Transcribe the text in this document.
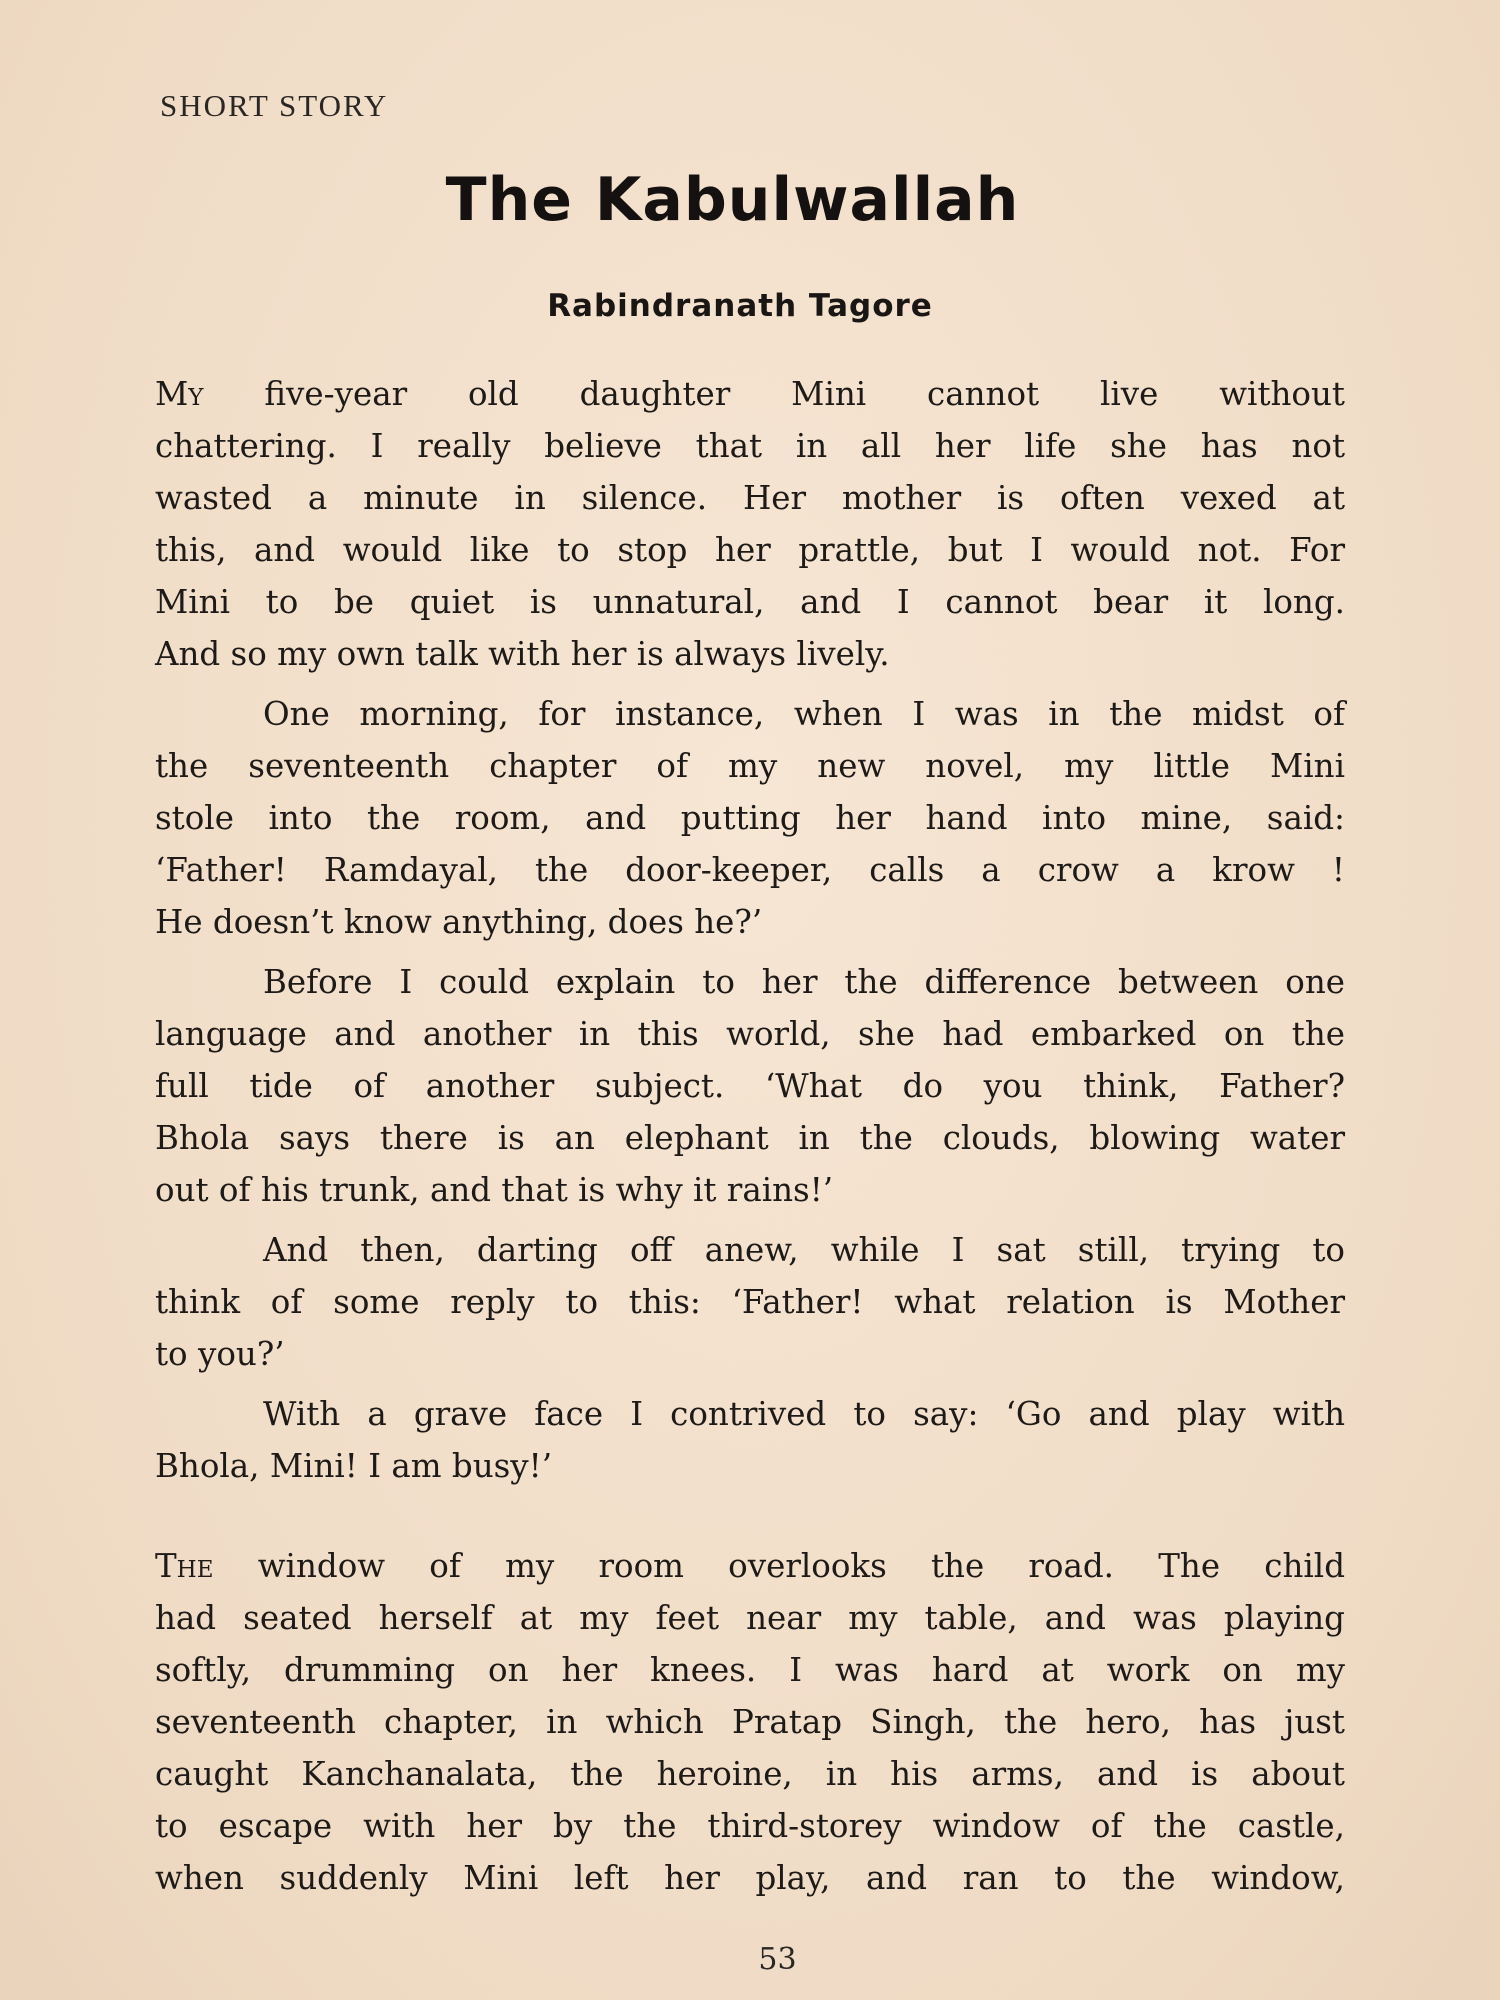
SHORT STORY
The Kabulwallah
Rabindranath Tagore

My five-year old daughter Mini cannot live without
chattering. I really believe that in all her life she has not
wasted a minute in silence. Her mother is often vexed at
this, and would like to stop her prattle, but I would not. For
Mini to be quiet is unnatural, and I cannot bear it long.
And so my own talk with her is always lively.

One morning, for instance, when I was in the midst of
the seventeenth chapter of my new novel, my little Mini
stole into the room, and putting her hand into mine, said:
‘Father! Ramdayal, the door-keeper, calls a crow a krow !
He doesn’t know anything, does he?’

Before I could explain to her the difference between one
language and another in this world, she had embarked on the
full tide of another subject. ‘What do you think, Father?
Bhola says there is an elephant in the clouds, blowing water
out of his trunk, and that is why it rains!’

And then, darting off anew, while I sat still, trying to
think of some reply to this: ‘Father! what relation is Mother
to you?’

With a grave face I contrived to say: ‘Go and play with
Bhola, Mini! I am busy!’

The window of my room overlooks the road. The child
had seated herself at my feet near my table, and was playing
softly, drumming on her knees. I was hard at work on my
seventeenth chapter, in which Pratap Singh, the hero, has just
caught Kanchanalata, the heroine, in his arms, and is about
to escape with her by the third-storey window of the castle,
when suddenly Mini left her play, and ran to the window,

53
